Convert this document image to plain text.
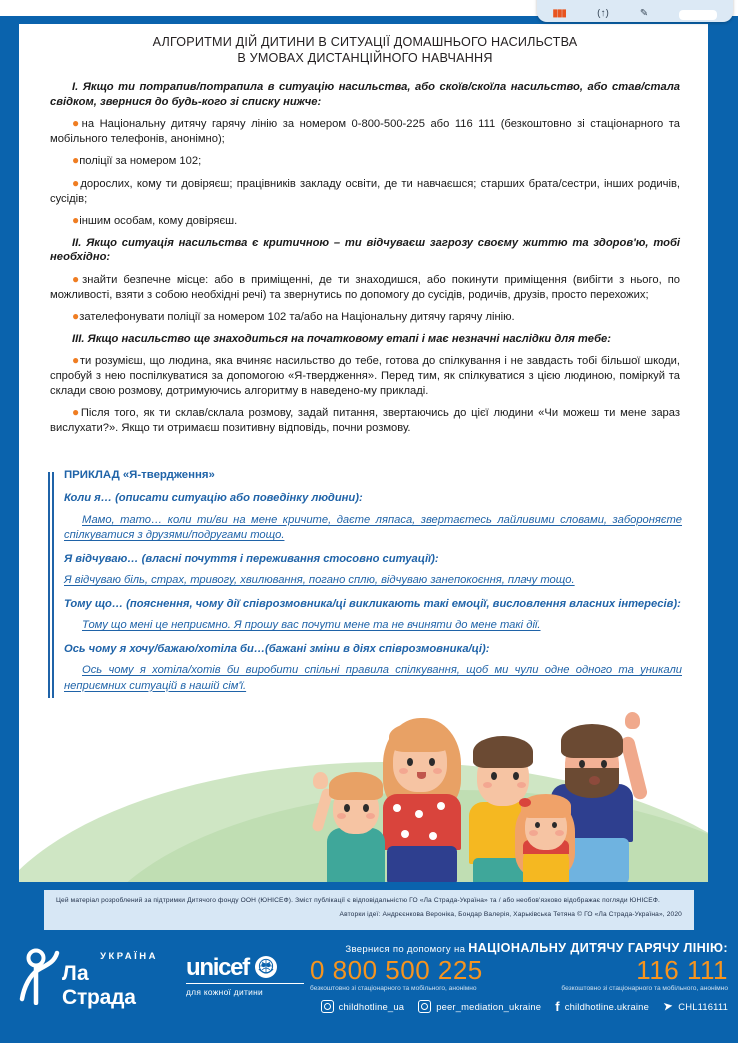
▮▮▮	(↑)	✎
АЛГОРИТМИ ДІЙ ДИТИНИ В СИТУАЦІЇ ДОМАШНЬОГО НАСИЛЬСТВА
В УМОВАХ ДИСТАНЦІЙНОГО НАВЧАННЯ

I. Якщо ти потрапив/потрапила в ситуацію насильства, або скоїв/скоїла насильство, або став/стала свідком, звернися до будь-кого зі списку нижче:

●на Національну дитячу гарячу лінію за номером 0-800-500-225 або 116 111 (безкоштовно зі стаціонарного та мобільного телефонів, анонімно);

●поліції за номером 102;

●дорослих, кому ти довіряєш; працівників закладу освіти, де ти навчаєшся; старших брата/сестри, інших родичів, сусідів;

●іншим особам, кому довіряєш.

II. Якщо ситуація насильства є критичною – ти відчуваєш загрозу своєму життю та здоров'ю, тобі необхідно:

●знайти безпечне місце: або в приміщенні, де ти знаходишся, або покинути приміщення (вибігти з нього, по можливості, взяти з собою необхідні речі) та звернутись по допомогу до сусідів, родичів, друзів, просто перехожих;

●зателефонувати поліції за номером 102 та/або на Національну дитячу гарячу лінію.

III. Якщо насильство ще знаходиться на початковому етапі і має незначні наслідки для тебе:

●ти розумієш, що людина, яка вчиняє насильство до тебе, готова до спілкування і не завдасть тобі більшої шкоди, спробуй з нею поспілкуватися за допомогою «Я-твердження». Перед тим, як спілкуватися з цією людиною, поміркуй та склади свою розмову, дотримуючись алгоритму в наведено-му прикладі.

●Після того, як ти склав/склала розмову, задай питання, звертаючись до цієї людини «Чи можеш ти мене зараз вислухати?». Якщо ти отримаєш позитивну відповідь, почни розмову.

ПРИКЛАД «Я-твердження»

Коли я… (описати ситуацію або поведінку людини):

Мамо, тато… коли ти/ви на мене кричите, даєте ляпаса, звертаєтесь лайливими словами, забороняєте спілкуватися з друзями/подругами тощо.

Я відчуваю… (власні почуття і переживання стосовно ситуації):

Я відчуваю біль, страх, тривогу, хвилювання, погано сплю, відчуваю занепокоєння, плачу тощо.

Тому що… (пояснення, чому дії співрозмовника/ці викликають такі емоції, висловлення власних інтересів):

Тому що мені це неприємно. Я прошу вас почути мене та не вчиняти до мене такі дії.

Ось чому я хочу/бажаю/хотіла би…(бажані зміни в діях співрозмовника/ці):

Ось чому я хотіла/хотів би виробити спільні правила спілкування, щоб ми чули одне одного та уникали неприємних ситуацій в нашій сім'ї.

Цей матеріал розроблений за підтримки Дитячого фонду ООН (ЮНІСЕФ). Зміст публікації є відповідальністю ГО «Ла Страда-Україна» та / або необов'язково відображає погляди ЮНІСЕФ.

Авторки ідеї: Андрєєнкова Вероніка, Бондар Валерія, Харьківська Тетяна © ГО «Ла Страда-Україна», 2020

УКРАЇНА
Ла Страда
unicef
для кожної дитини
Звернися по допомогу на НАЦІОНАЛЬНУ ДИТЯЧУ ГАРЯЧУ ЛІНІЮ:
0 800 500 225
безкоштовно зі стаціонарного та мобільного, анонімно
116 111
безкоштовно зі стаціонарного та мобільного, анонімно
childhotline_ua	peer_mediation_ukraine f childhotline.ukraine ➤ CHL116111
